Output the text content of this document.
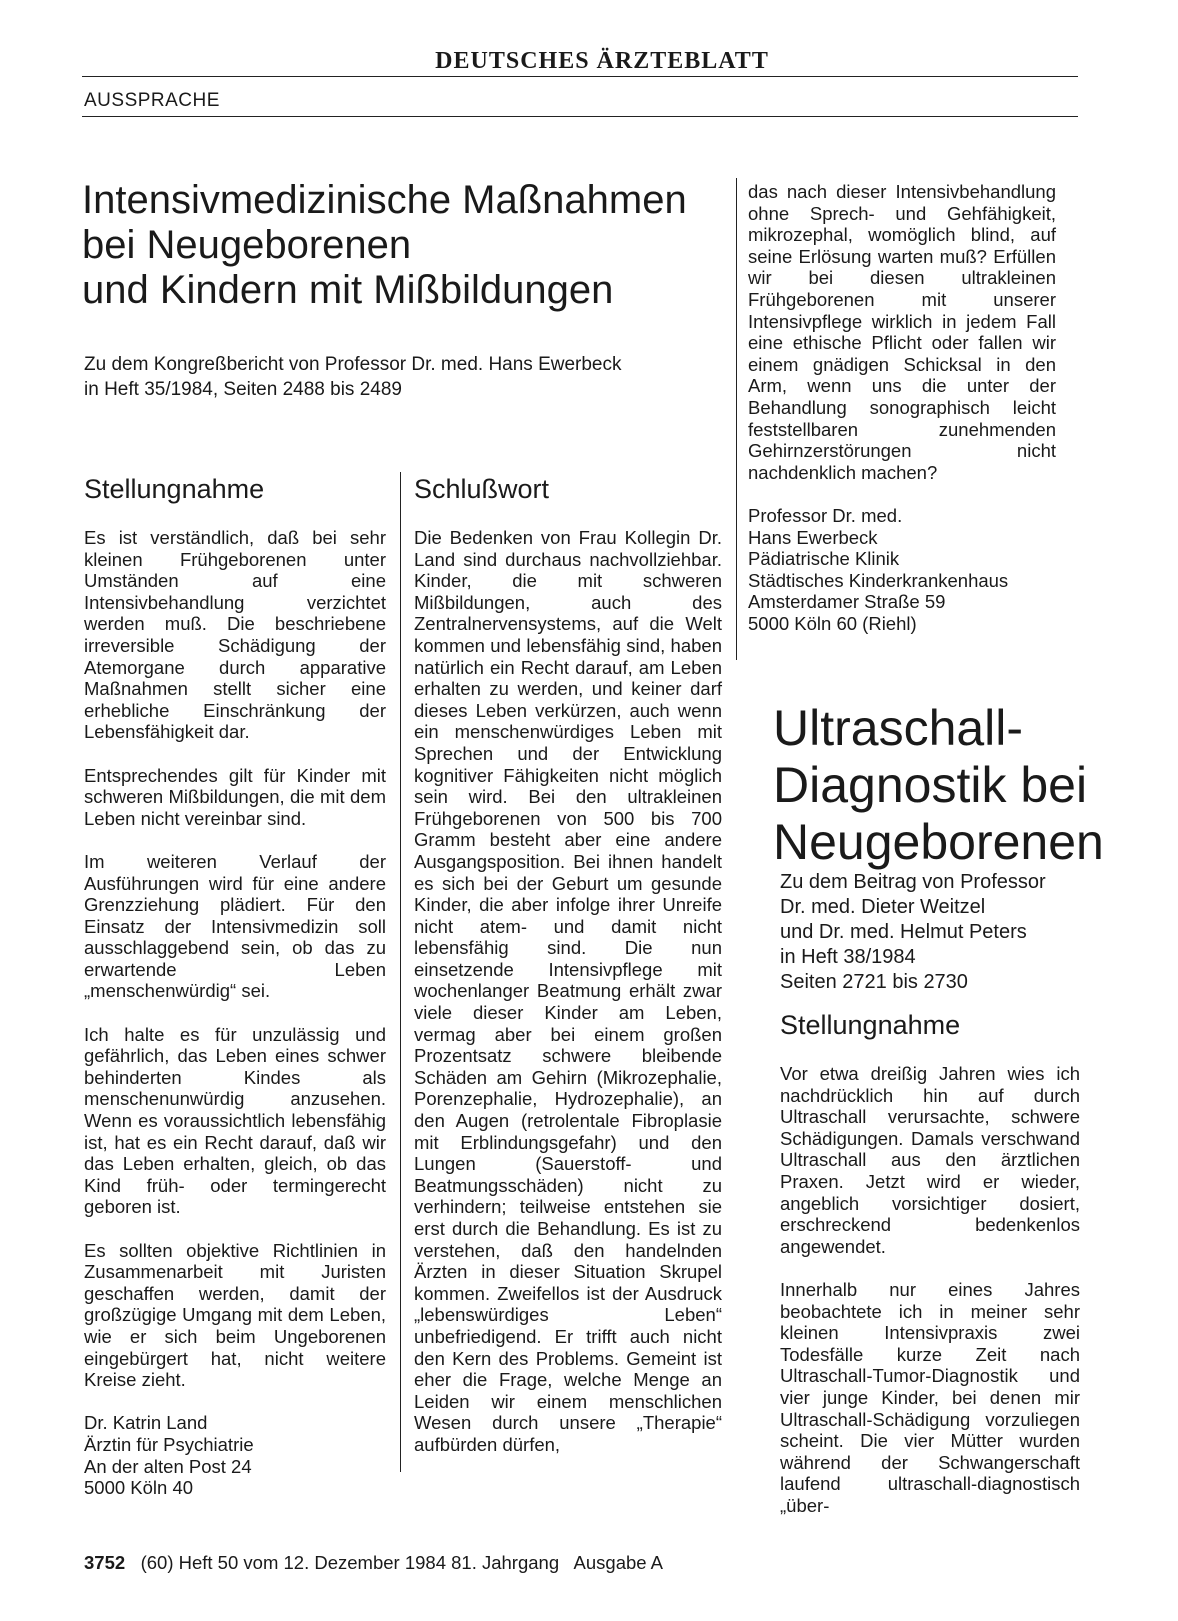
DEUTSCHES ÄRZTEBLATT
AUSSPRACHE
Intensivmedizinische Maßnahmen
bei Neugeborenen
und Kindern mit Mißbildungen
Zu dem Kongreßbericht von Professor Dr. med. Hans Ewerbeck
in Heft 35/1984, Seiten 2488 bis 2489
Stellungnahme

Es ist verständlich, daß bei sehr kleinen Frühgeborenen unter Umständen auf eine Intensivbehandlung verzichtet werden muß. Die beschriebene irreversible Schädigung der Atemorgane durch apparative Maßnahmen stellt sicher eine erhebliche Einschränkung der Lebensfähigkeit dar.

Entsprechendes gilt für Kinder mit schweren Mißbildungen, die mit dem Leben nicht vereinbar sind.

Im weiteren Verlauf der Ausführungen wird für eine andere Grenzziehung plädiert. Für den Einsatz der Intensivmedizin soll ausschlaggebend sein, ob das zu erwartende Leben „menschenwürdig“ sei.

Ich halte es für unzulässig und gefährlich, das Leben eines schwer behinderten Kindes als menschenunwürdig anzusehen. Wenn es voraussichtlich lebensfähig ist, hat es ein Recht darauf, daß wir das Leben erhalten, gleich, ob das Kind früh- oder termingerecht geboren ist.

Es sollten objektive Richtlinien in Zusammenarbeit mit Juristen geschaffen werden, damit der großzügige Umgang mit dem Leben, wie er sich beim Ungeborenen eingebürgert hat, nicht weitere Kreise zieht.

Dr. Katrin Land
Ärztin für Psychiatrie
An der alten Post 24
5000 Köln 40

Schlußwort

Die Bedenken von Frau Kollegin Dr. Land sind durchaus nachvollziehbar. Kinder, die mit schweren Mißbildungen, auch des Zentralnervensystems, auf die Welt kommen und lebensfähig sind, haben natürlich ein Recht darauf, am Leben erhalten zu werden, und keiner darf dieses Leben verkürzen, auch wenn ein menschenwürdiges Leben mit Sprechen und der Entwicklung kognitiver Fähigkeiten nicht möglich sein wird. Bei den ultrakleinen Frühgeborenen von 500 bis 700 Gramm besteht aber eine andere Ausgangsposition. Bei ihnen handelt es sich bei der Geburt um gesunde Kinder, die aber infolge ihrer Unreife nicht atem- und damit nicht lebensfähig sind. Die nun einsetzende Intensivpflege mit wochenlanger Beatmung erhält zwar viele dieser Kinder am Leben, vermag aber bei einem großen Prozentsatz schwere bleibende Schäden am Gehirn (Mikrozephalie, Porenzephalie, Hydrozephalie), an den Augen (retrolentale Fibroplasie mit Erblindungsgefahr) und den Lungen (Sauerstoff- und Beatmungsschäden) nicht zu verhindern; teilweise entstehen sie erst durch die Behandlung. Es ist zu verstehen, daß den handelnden Ärzten in dieser Situation Skrupel kommen. Zweifellos ist der Ausdruck „lebenswürdiges Leben“ unbefriedigend. Er trifft auch nicht den Kern des Problems. Gemeint ist eher die Frage, welche Menge an Leiden wir einem menschlichen Wesen durch unsere „Therapie“ aufbürden dürfen,

das nach dieser Intensivbehandlung ohne Sprech- und Gehfähigkeit, mikrozephal, womöglich blind, auf seine Erlösung warten muß? Erfüllen wir bei diesen ultrakleinen Frühgeborenen mit unserer Intensivpflege wirklich in jedem Fall eine ethische Pflicht oder fallen wir einem gnädigen Schicksal in den Arm, wenn uns die unter der Behandlung sonographisch leicht feststellbaren zunehmenden Gehirnzerstörungen nicht nachdenklich machen?

Professor Dr. med.
Hans Ewerbeck
Pädiatrische Klinik
Städtisches Kinderkrankenhaus
Amsterdamer Straße 59
5000 Köln 60 (Riehl)

Ultraschall-
Diagnostik bei
Neugeborenen
Zu dem Beitrag von Professor
Dr. med. Dieter Weitzel
und Dr. med. Helmut Peters
in Heft 38/1984
Seiten 2721 bis 2730
Stellungnahme

Vor etwa dreißig Jahren wies ich nachdrücklich hin auf durch Ultraschall verursachte, schwere Schädigungen. Damals verschwand Ultraschall aus den ärztlichen Praxen. Jetzt wird er wieder, angeblich vorsichtiger dosiert, erschreckend bedenkenlos angewendet.

Innerhalb nur eines Jahres beobachtete ich in meiner sehr kleinen Intensivpraxis zwei Todesfälle kurze Zeit nach Ultraschall-Tumor-Diagnostik und vier junge Kinder, bei denen mir Ultraschall-Schädigung vorzuliegen scheint. Die vier Mütter wurden während der Schwangerschaft laufend ultraschall-diagnostisch „über-

3752 (60) Heft 50 vom 12. Dezember 1984 81. Jahrgang Ausgabe A
